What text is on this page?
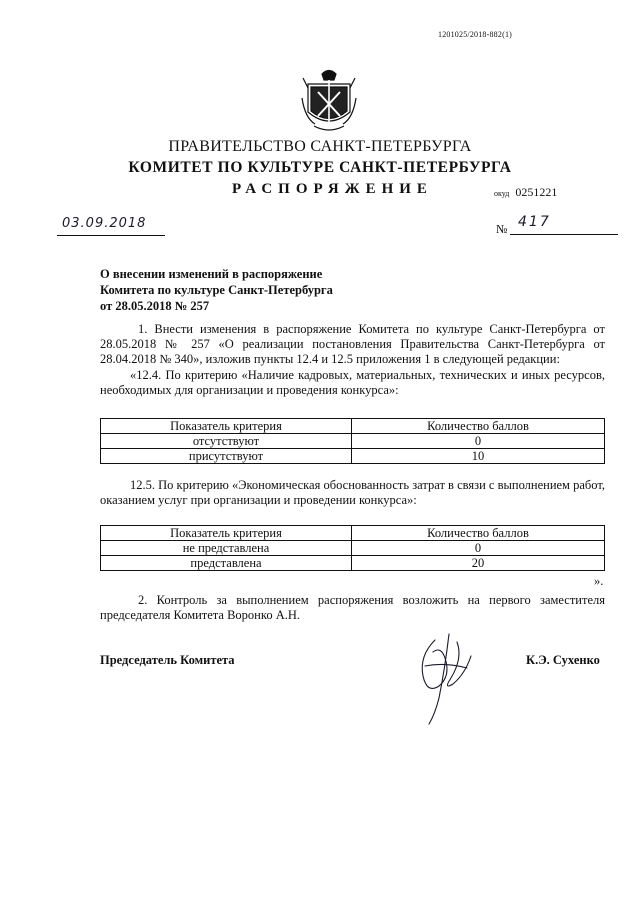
1201025/2018-882(1)
ПРАВИТЕЛЬСТВО САНКТ-ПЕТЕРБУРГА
КОМИТЕТ ПО КУЛЬТУРЕ САНКТ-ПЕТЕРБУРГА
РАСПОРЯЖЕНИЕ	окуд 0251221
03.09.2018	№ 417
О внесении изменений в распоряжение
Комитета по культуре Санкт-Петербурга
от 28.05.2018 № 257
1. Внести изменения в распоряжение Комитета по культуре Санкт-Петербурга от 28.05.2018 № 257 «О реализации постановления Правительства Санкт-Петербурга от 28.04.2018 № 340», изложив пункты 12.4 и 12.5 приложения 1 в следующей редакции:
«12.4. По критерию «Наличие кадровых, материальных, технических и иных ресурсов, необходимых для организации и проведения конкурса»:
Показатель критерия	Количество баллов
отсутствуют	0
присутствуют	10
12.5. По критерию «Экономическая обоснованность затрат в связи с выполнением работ, оказанием услуг при организации и проведении конкурса»:
Показатель критерия	Количество баллов
не представлена	0
представлена	20
».
2. Контроль за выполнением распоряжения возложить на первого заместителя председателя Комитета Воронко А.Н.
Председатель Комитета	К.Э. Сухенко
